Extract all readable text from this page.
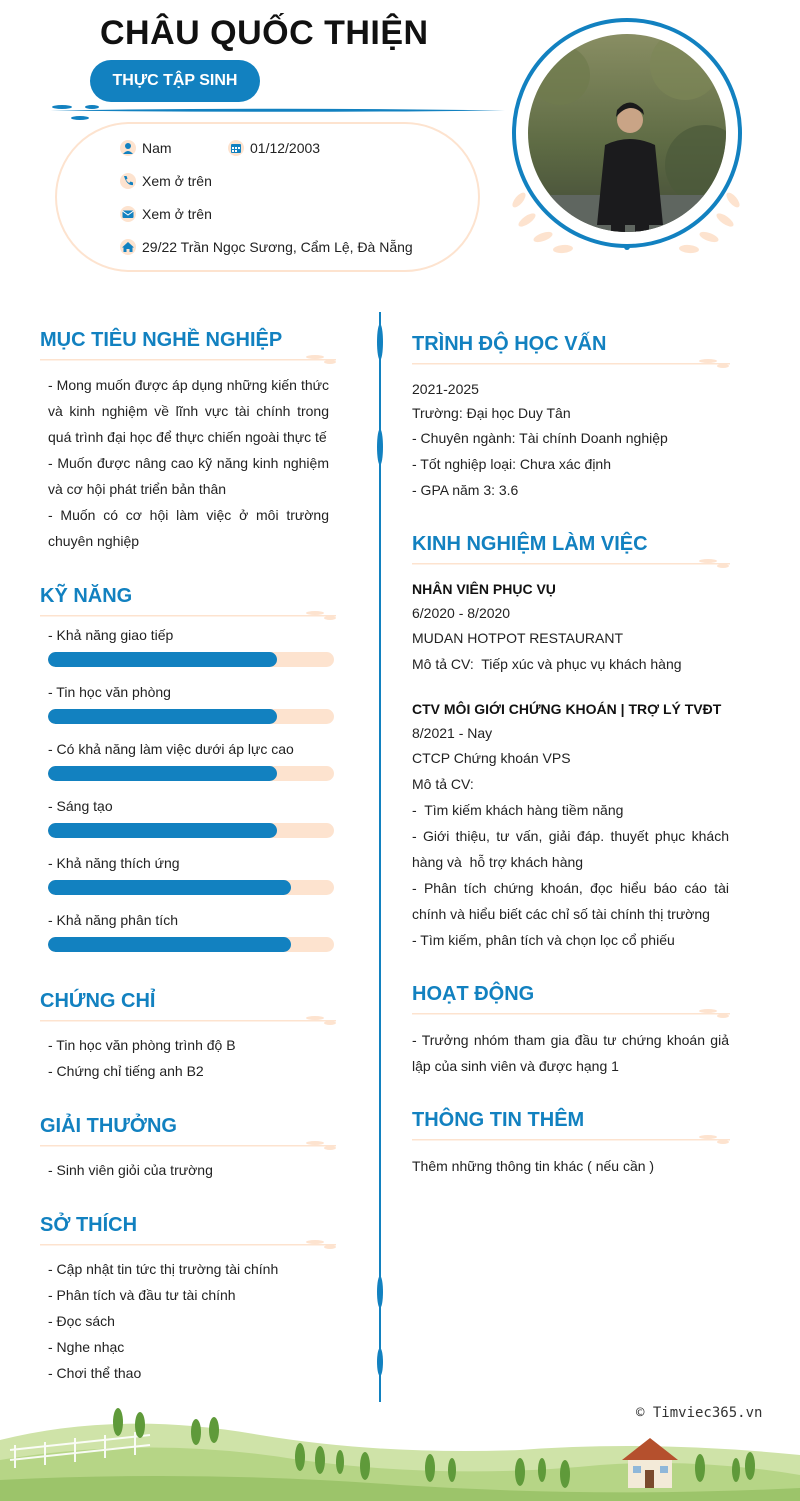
CHÂU QUỐC THIỆN
THỰC TẬP SINH
Nam	01/12/2003
Xem ở trên
Xem ở trên
29/22 Trần Ngọc Sương, Cẩm Lệ, Đà Nẵng
MỤC TIÊU NGHỀ NGHIỆP
- Mong muốn được áp dụng những kiến thức và kinh nghiệm về lĩnh vực tài chính trong quá trình đại học để thực chiến ngoài thực tế
- Muốn được nâng cao kỹ năng kinh nghiệm và cơ hội phát triển bản thân
- Muốn có cơ hội làm việc ở môi trường chuyên nghiệp
KỸ NĂNG
- Khả năng giao tiếp
- Tin học văn phòng
- Có khả năng làm việc dưới áp lực cao
- Sáng tạo
- Khả năng thích ứng
- Khả năng phân tích
CHỨNG CHỈ
- Tin học văn phòng trình độ B
- Chứng chỉ tiếng anh B2
GIẢI THƯỞNG
- Sinh viên giỏi của trường
SỞ THÍCH
- Cập nhật tin tức thị trường tài chính
- Phân tích và đầu tư tài chính
- Đọc sách
- Nghe nhạc
- Chơi thể thao
TRÌNH ĐỘ HỌC VẤN
2021-2025
Trường: Đại học Duy Tân
- Chuyên ngành: Tài chính Doanh nghiệp
- Tốt nghiệp loại: Chưa xác định
- GPA năm 3: 3.6
KINH NGHIỆM LÀM VIỆC
NHÂN VIÊN PHỤC VỤ
6/2020 - 8/2020
MUDAN HOTPOT RESTAURANT
Mô tả CV:  Tiếp xúc và phục vụ khách hàng
CTV MÔI GIỚI CHỨNG KHOÁN | TRỢ LÝ TVĐT
8/2021 - Nay
CTCP Chứng khoán VPS
Mô tả CV:
-  Tìm kiếm khách hàng tiềm năng
- Giới thiệu, tư vấn, giải đáp. thuyết phục khách hàng và  hỗ trợ khách hàng
- Phân tích chứng khoán, đọc hiểu báo cáo tài chính và hiểu biết các chỉ số tài chính thị trường
- Tìm kiếm, phân tích và chọn lọc cổ phiếu
HOẠT ĐỘNG
- Trưởng nhóm tham gia đầu tư chứng khoán giả lập của sinh viên và được hạng 1
THÔNG TIN THÊM
Thêm những thông tin khác ( nếu cần )
© Timviec365.vn
